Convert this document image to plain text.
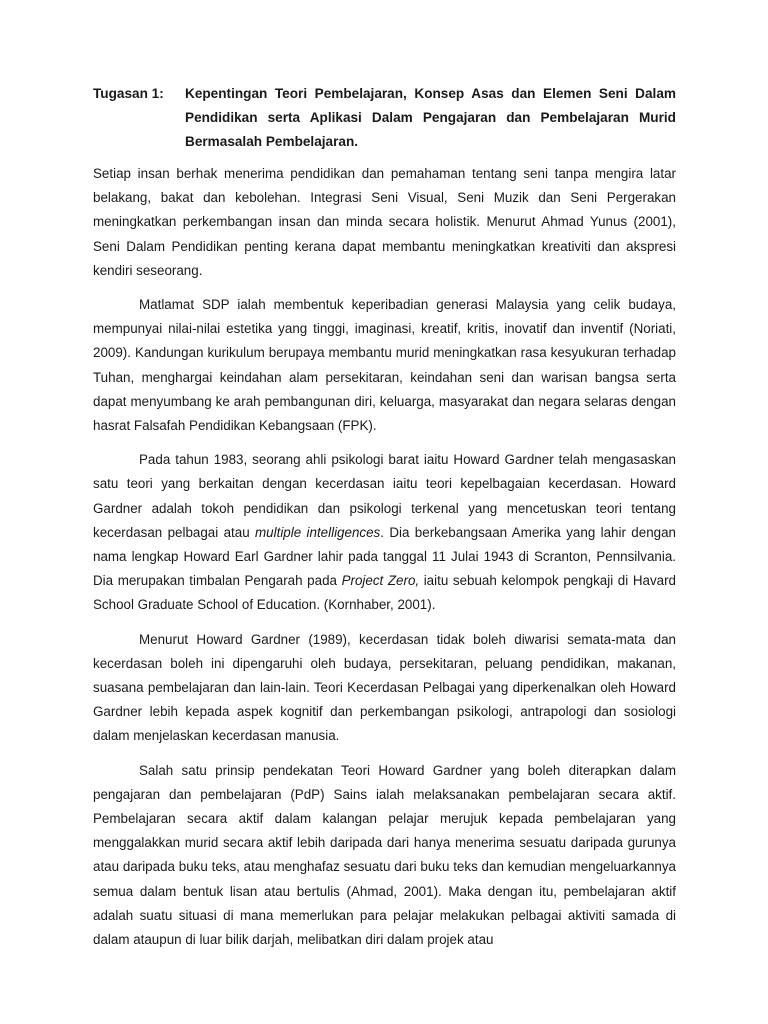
Tugasan 1:	Kepentingan Teori Pembelajaran, Konsep Asas dan Elemen Seni Dalam Pendidikan serta Aplikasi Dalam Pengajaran dan Pembelajaran Murid Bermasalah Pembelajaran.

Setiap insan berhak menerima pendidikan dan pemahaman tentang seni tanpa mengira latar belakang, bakat dan kebolehan. Integrasi Seni Visual, Seni Muzik dan Seni Pergerakan meningkatkan perkembangan insan dan minda secara holistik. Menurut Ahmad Yunus (2001), Seni Dalam Pendidikan penting kerana dapat membantu meningkatkan kreativiti dan akspresi kendiri seseorang.

Matlamat SDP ialah membentuk keperibadian generasi Malaysia yang celik budaya, mempunyai nilai-nilai estetika yang tinggi, imaginasi, kreatif, kritis, inovatif dan inventif (Noriati, 2009). Kandungan kurikulum berupaya membantu murid meningkatkan rasa kesyukuran terhadap Tuhan, menghargai keindahan alam persekitaran, keindahan seni dan warisan bangsa serta dapat menyumbang ke arah pembangunan diri, keluarga, masyarakat dan negara selaras dengan hasrat Falsafah Pendidikan Kebangsaan (FPK).

Pada tahun 1983, seorang ahli psikologi barat iaitu Howard Gardner telah mengasaskan satu teori yang berkaitan dengan kecerdasan iaitu teori kepelbagaian kecerdasan. Howard Gardner adalah tokoh pendidikan dan psikologi terkenal yang mencetuskan teori tentang kecerdasan pelbagai atau multiple intelligences. Dia berkebangsaan Amerika yang lahir dengan nama lengkap Howard Earl Gardner lahir pada tanggal 11 Julai 1943 di Scranton, Pennsilvania. Dia merupakan timbalan Pengarah pada Project Zero, iaitu sebuah kelompok pengkaji di Havard School Graduate School of Education. (Kornhaber, 2001).

Menurut Howard Gardner (1989), kecerdasan tidak boleh diwarisi semata-mata dan kecerdasan boleh ini dipengaruhi oleh budaya, persekitaran, peluang pendidikan, makanan, suasana pembelajaran dan lain-lain. Teori Kecerdasan Pelbagai yang diperkenalkan oleh Howard Gardner lebih kepada aspek kognitif dan perkembangan psikologi, antrapologi dan sosiologi dalam menjelaskan kecerdasan manusia.

Salah satu prinsip pendekatan Teori Howard Gardner yang boleh diterapkan dalam pengajaran dan pembelajaran (PdP) Sains ialah melaksanakan pembelajaran secara aktif. Pembelajaran secara aktif dalam kalangan pelajar merujuk kepada pembelajaran yang menggalakkan murid secara aktif lebih daripada dari hanya menerima sesuatu daripada gurunya atau daripada buku teks, atau menghafaz sesuatu dari buku teks dan kemudian mengeluarkannya semua dalam bentuk lisan atau bertulis (Ahmad, 2001). Maka dengan itu, pembelajaran aktif adalah suatu situasi di mana memerlukan para pelajar melakukan pelbagai aktiviti samada di dalam ataupun di luar bilik darjah, melibatkan diri dalam projek atau
